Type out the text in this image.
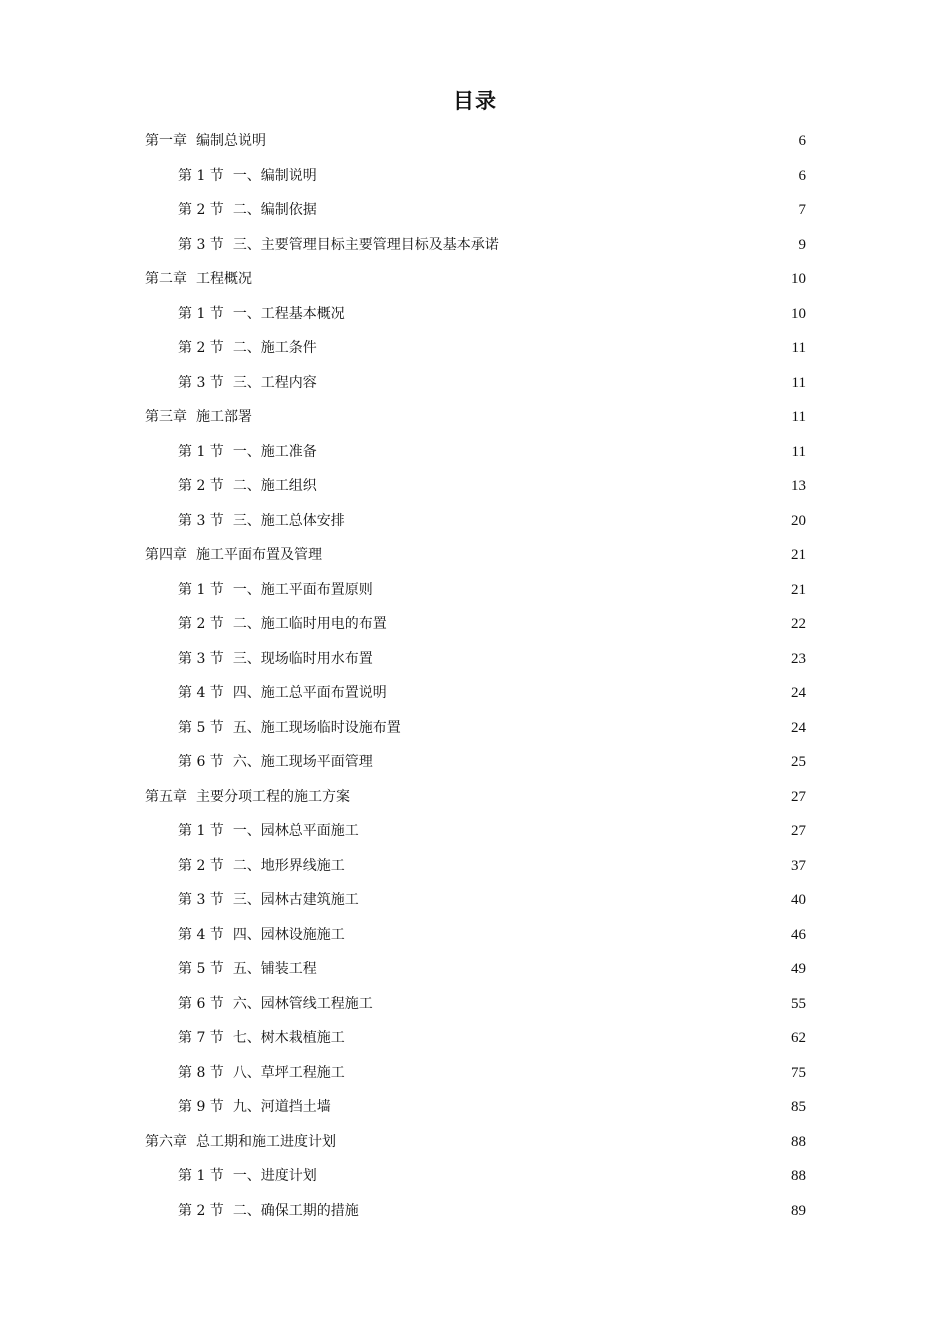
目录
第一章 编制总说明	6
第 1 节 一、编制说明	6
第 2 节 二、编制依据	7
第 3 节 三、主要管理目标主要管理目标及基本承诺	9
第二章 工程概况	10
第 1 节 一、工程基本概况	10
第 2 节 二、施工条件	11
第 3 节 三、工程内容	11
第三章 施工部署	11
第 1 节 一、施工准备	11
第 2 节 二、施工组织	13
第 3 节 三、施工总体安排	20
第四章 施工平面布置及管理	21
第 1 节 一、施工平面布置原则	21
第 2 节 二、施工临时用电的布置	22
第 3 节 三、现场临时用水布置	23
第 4 节 四、施工总平面布置说明	24
第 5 节 五、施工现场临时设施布置	24
第 6 节 六、施工现场平面管理	25
第五章 主要分项工程的施工方案	27
第 1 节 一、园林总平面施工	27
第 2 节 二、地形界线施工	37
第 3 节 三、园林古建筑施工	40
第 4 节 四、园林设施施工	46
第 5 节 五、铺装工程	49
第 6 节 六、园林管线工程施工	55
第 7 节 七、树木栽植施工	62
第 8 节 八、草坪工程施工	75
第 9 节 九、河道挡土墙	85
第六章 总工期和施工进度计划	88
第 1 节 一、进度计划	88
第 2 节 二、确保工期的措施	89
